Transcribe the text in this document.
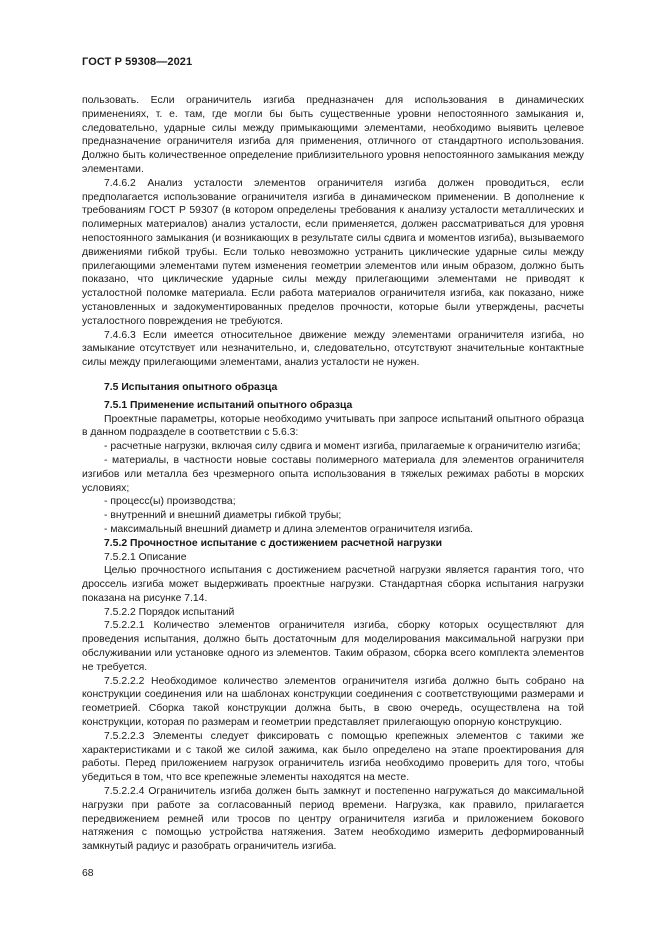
ГОСТ Р 59308—2021

пользовать. Если ограничитель изгиба предназначен для использования в динамических применениях, т. е. там, где могли бы быть существенные уровни непостоянного замыкания и, следовательно, ударные силы между примыкающими элементами, необходимо выявить целевое предназначение ограничителя изгиба для применения, отличного от стандартного использования. Должно быть количественное определение приблизительного уровня непостоянного замыкания между элементами.

7.4.6.2 Анализ усталости элементов ограничителя изгиба должен проводиться, если предполагается использование ограничителя изгиба в динамическом применении. В дополнение к требованиям ГОСТ Р 59307 (в котором определены требования к анализу усталости металлических и полимерных материалов) анализ усталости, если применяется, должен рассматриваться для уровня непостоянного замыкания (и возникающих в результате силы сдвига и моментов изгиба), вызываемого движениями гибкой трубы. Если только невозможно устранить циклические ударные силы между прилегающими элементами путем изменения геометрии элементов или иным образом, должно быть показано, что циклические ударные силы между прилегающими элементами не приводят к усталостной поломке материала. Если работа материалов ограничителя изгиба, как показано, ниже установленных и задокументированных пределов прочности, которые были утверждены, расчеты усталостного повреждения не требуются.

7.4.6.3 Если имеется относительное движение между элементами ограничителя изгиба, но замыкание отсутствует или незначительно, и, следовательно, отсутствуют значительные контактные силы между прилегающими элементами, анализ усталости не нужен.

7.5 Испытания опытного образца

7.5.1 Применение испытаний опытного образца

Проектные параметры, которые необходимо учитывать при запросе испытаний опытного образца в данном подразделе в соответствии с 5.6.3:

- расчетные нагрузки, включая силу сдвига и момент изгиба, прилагаемые к ограничителю изгиба;

- материалы, в частности новые составы полимерного материала для элементов ограничителя изгибов или металла без чрезмерного опыта использования в тяжелых режимах работы в морских условиях;

- процесс(ы) производства;

- внутренний и внешний диаметры гибкой трубы;

- максимальный внешний диаметр и длина элементов ограничителя изгиба.

7.5.2 Прочностное испытание с достижением расчетной нагрузки

7.5.2.1 Описание

Целью прочностного испытания с достижением расчетной нагрузки является гарантия того, что дроссель изгиба может выдерживать проектные нагрузки. Стандартная сборка испытания нагрузки показана на рисунке 7.14.

7.5.2.2 Порядок испытаний

7.5.2.2.1 Количество элементов ограничителя изгиба, сборку которых осуществляют для проведения испытания, должно быть достаточным для моделирования максимальной нагрузки при обслуживании или установке одного из элементов. Таким образом, сборка всего комплекта элементов не требуется.

7.5.2.2.2 Необходимое количество элементов ограничителя изгиба должно быть собрано на конструкции соединения или на шаблонах конструкции соединения с соответствующими размерами и геометрией. Сборка такой конструкции должна быть, в свою очередь, осуществлена на той конструкции, которая по размерам и геометрии представляет прилегающую опорную конструкцию.

7.5.2.2.3 Элементы следует фиксировать с помощью крепежных элементов с такими же характеристиками и с такой же силой зажима, как было определено на этапе проектирования для работы. Перед приложением нагрузок ограничитель изгиба необходимо проверить для того, чтобы убедиться в том, что все крепежные элементы находятся на месте.

7.5.2.2.4 Ограничитель изгиба должен быть замкнут и постепенно нагружаться до максимальной нагрузки при работе за согласованный период времени. Нагрузка, как правило, прилагается передвижением ремней или тросов по центру ограничителя изгиба и приложением бокового натяжения с помощью устройства натяжения. Затем необходимо измерить деформированный замкнутый радиус и разобрать ограничитель изгиба.

68
